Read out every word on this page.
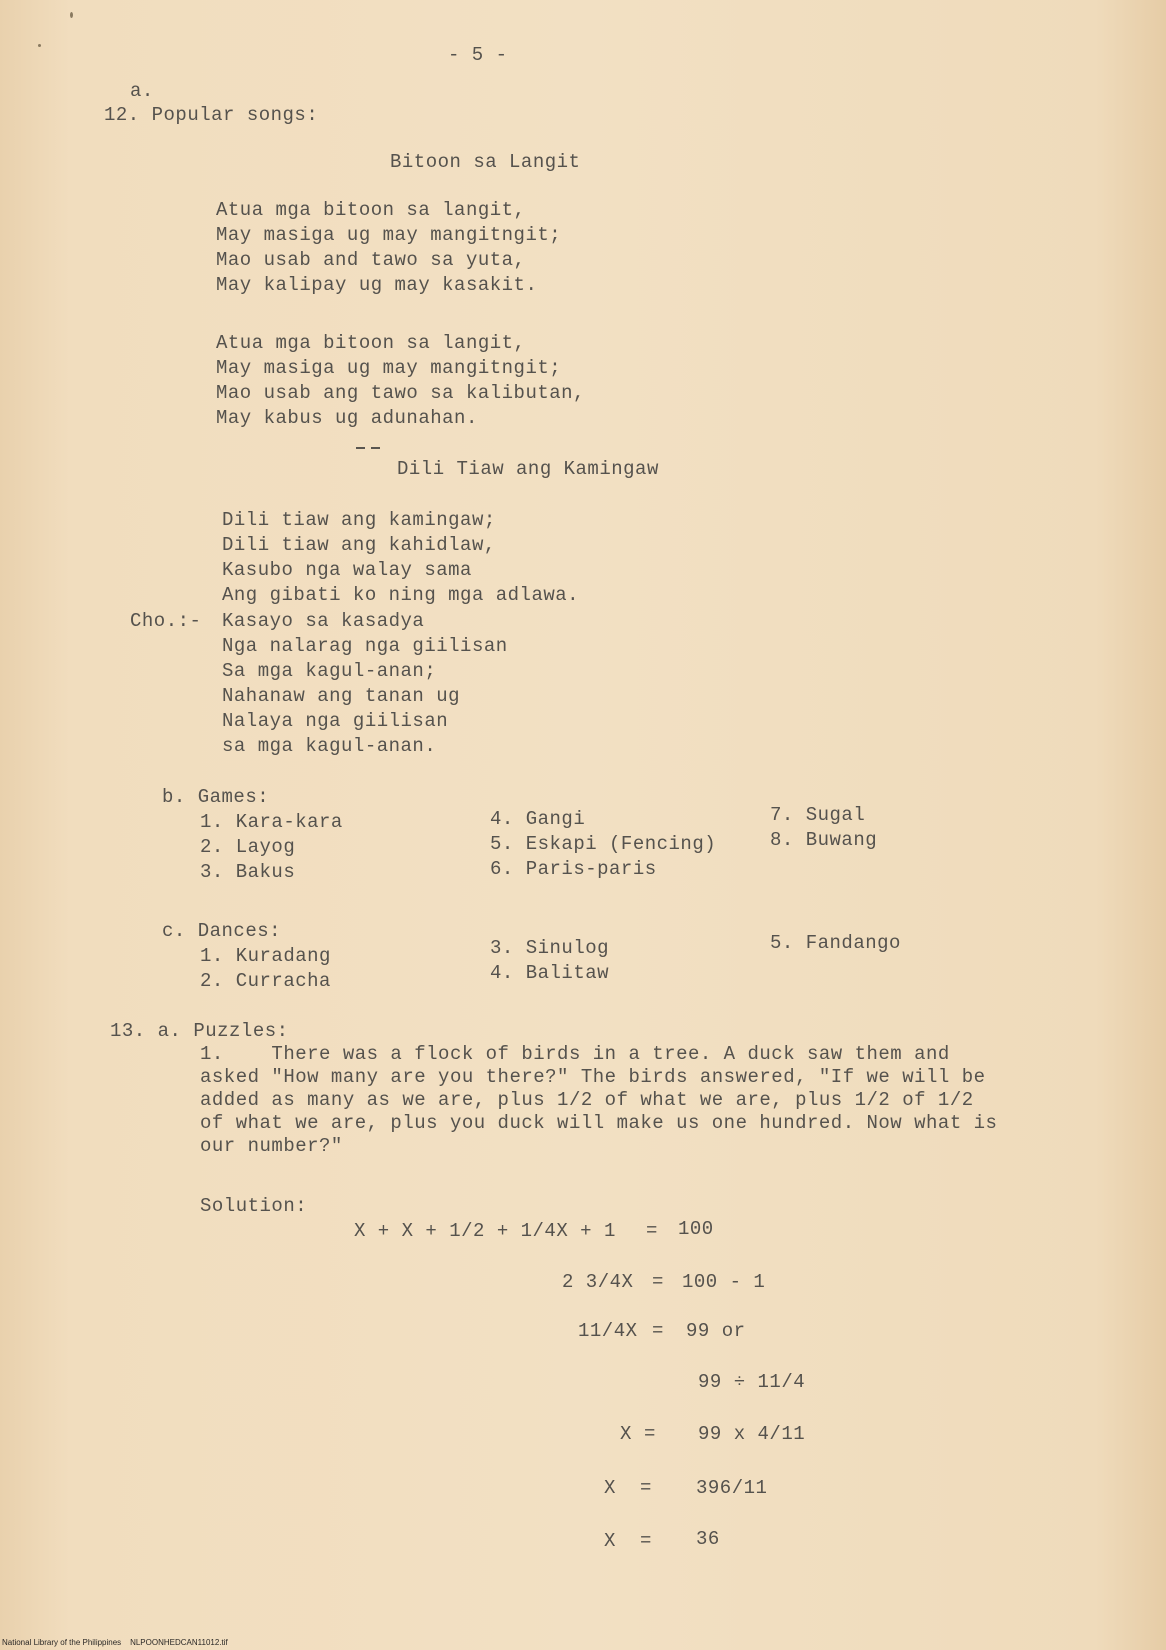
- 5 -
a.
12. Popular songs:
Bitoon sa Langit
Atua mga bitoon sa langit,
May masiga ug may mangitngit;
Mao usab and tawo sa yuta,
May kalipay ug may kasakit.
Atua mga bitoon sa langit,
May masiga ug may mangitngit;
Mao usab ang tawo sa kalibutan,
May kabus ug adunahan.
Dili Tiaw ang Kamingaw
Dili tiaw ang kamingaw;
Dili tiaw ang kahidlaw,
Kasubo nga walay sama
Ang gibati ko ning mga adlawa.
Cho.:- Kasayo sa kasadya
Nga nalarag nga giilisan
Sa mga kagul-anan;
Nahanaw ang tanan ug
Nalaya nga giilisan
sa mga kagul-anan.
b. Games:
1. Kara-kara
2. Layog
3. Bakus
4. Gangi
5. Eskapi (Fencing)
6. Paris-paris
7. Sugal
8. Buwang
c. Dances:
1. Kuradang
2. Curracha
3. Sinulog
4. Balitaw
5. Fandango
13. a. Puzzles:
1.    There was a flock of birds in a tree. A duck saw them and
asked "How many are you there?" The birds answered, "If we will be
added as many as we are, plus 1/2 of what we are, plus 1/2 of 1/2
of what we are, plus you duck will make us one hundred. Now what is
our number?"
Solution:
X + X + 1/2 + 1/4X + 1 = 100
2 3/4X = 100 - 1
11/4X = 99 or
99 ÷ 11/4
X = 99 x 4/11
X = 396/11
X = 36
National Library of the Philippines    NLPOONHEDCAN11012.tif
